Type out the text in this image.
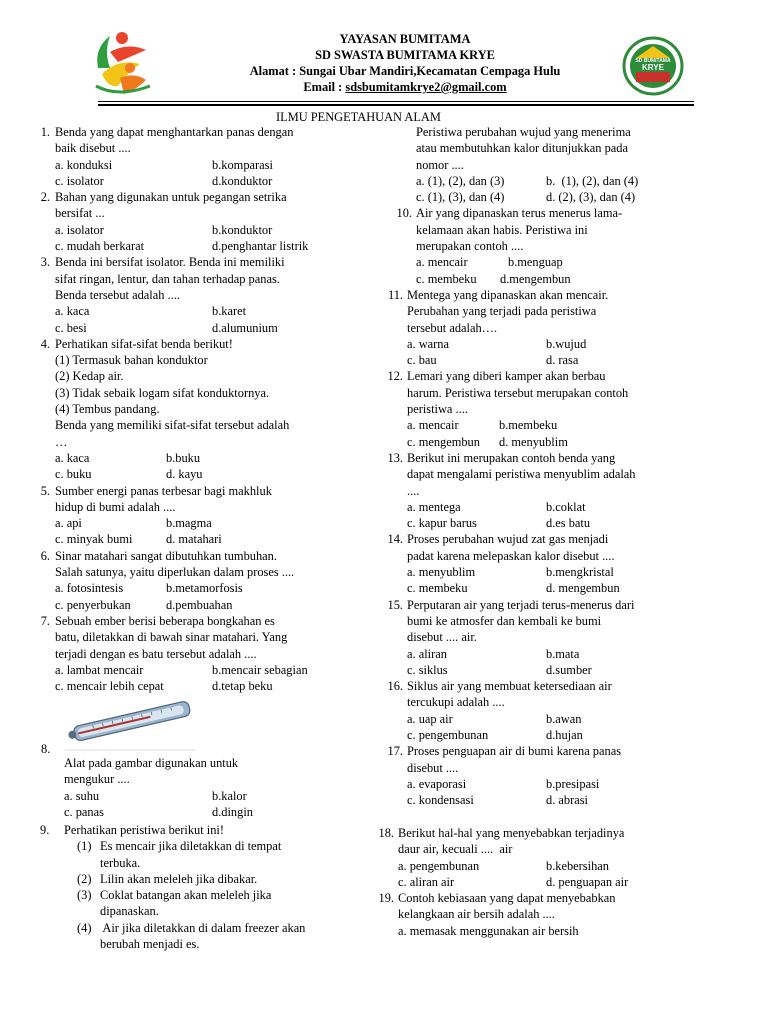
YAYASAN BUMITAMA
SD SWASTA BUMITAMA KRYE
Alamat : Sungai Ubar Mandiri,Kecamatan Cempaga Hulu
Email : sdsbumitamkrye2@gmail.com
SD BUMITAMA
KRYE
ILMU PENGETAHUAN ALAM
1. Benda yang dapat menghantarkan panas dengan
baik disebut ....
a. konduksi	b.komparasi
c. isolator	d.konduktor
2. Bahan yang digunakan untuk pegangan setrika
bersifat ...
a. isolator	b.konduktor
c. mudah berkarat	d.penghantar listrik
3. Benda ini bersifat isolator. Benda ini memiliki
sifat ringan, lentur, dan tahan terhadap panas.
Benda tersebut adalah ....
a. kaca	b.karet
c. besi	d.alumunium
4. Perhatikan sifat-sifat benda berikut!
(1) Termasuk bahan konduktor
(2) Kedap air.
(3) Tidak sebaik logam sifat konduktornya.
(4) Tembus pandang.
Benda yang memiliki sifat-sifat tersebut adalah
…
a. kaca	b.buku
c. buku	d. kayu
5. Sumber energi panas terbesar bagi makhluk
hidup di bumi adalah ....
a. api	b.magma
c. minyak bumi	d. matahari
6. Sinar matahari sangat dibutuhkan tumbuhan.
Salah satunya, yaitu diperlukan dalam proses ....
a. fotosintesis	b.metamorfosis
c. penyerbukan	d.pembuahan
7. Sebuah ember berisi beberapa bongkahan es
batu, diletakkan di bawah sinar matahari. Yang
terjadi dengan es batu tersebut adalah ....
a. lambat mencair	b.mencair sebagian
c. mencair lebih cepat	d.tetap beku
8.
Alat pada gambar digunakan untuk
mengukur ....
a. suhu	b.kalor
c. panas	d.dingin
9. Perhatikan peristiwa berikut ini!
(1) Es mencair jika diletakkan di tempat
terbuka.
(2) Lilin akan meleleh jika dibakar.
(3) Coklat batangan akan meleleh jika
dipanaskan.
(4) Air jika diletakkan di dalam freezer akan
berubah menjadi es.
Peristiwa perubahan wujud yang menerima
atau membutuhkan kalor ditunjukkan pada
nomor ....
a. (1), (2), dan (3)	b.  (1), (2), dan (4)
c. (1), (3), dan (4)	d. (2), (3), dan (4)
10. Air yang dipanaskan terus menerus lama-
kelamaan akan habis. Peristiwa ini
merupakan contoh ....
a. mencair	b.menguap
c. membeku	d.mengembun
11. Mentega yang dipanaskan akan mencair.
Perubahan yang terjadi pada peristiwa
tersebut adalah….
a. warna	b.wujud
c. bau	d. rasa
12. Lemari yang diberi kamper akan berbau
harum. Peristiwa tersebut merupakan contoh
peristiwa ....
a. mencair	b.membeku
c. mengembun	d. menyublim
13. Berikut ini merupakan contoh benda yang
dapat mengalami peristiwa menyublim adalah
....
a. mentega	b.coklat
c. kapur barus	d.es batu
14. Proses perubahan wujud zat gas menjadi
padat karena melepaskan kalor disebut ....
a. menyublim	b.mengkristal
c. membeku	d. mengembun
15. Perputaran air yang terjadi terus-menerus dari
bumi ke atmosfer dan kembali ke bumi
disebut .... air.
a. aliran	b.mata
c. siklus	d.sumber
16. Siklus air yang membuat ketersediaan air
tercukupi adalah ....
a. uap air	b.awan
c. pengembunan	d.hujan
17. Proses penguapan air di bumi karena panas
disebut ....
a. evaporasi	b.presipasi
c. kondensasi	d. abrasi
18. Berikut hal-hal yang menyebabkan terjadinya
daur air, kecuali ....  air
a. pengembunan	b.kebersihan
c. aliran air	d. penguapan air
19. Contoh kebiasaan yang dapat menyebabkan
kelangkaan air bersih adalah ....
a. memasak menggunakan air bersih
